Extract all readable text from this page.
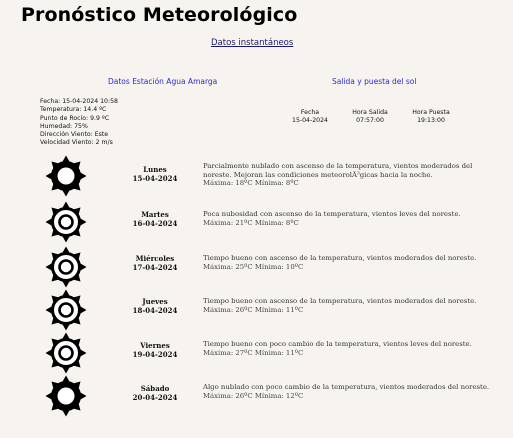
Pronóstico Meteorológico
Datos instantáneos
Datos Estación Agua Amarga	Salida y puesta del sol
Fecha: 15-04-2024 10:58
Temperatura: 14.4 ºC
Punto de Rocío: 9.9 ºC
Humedad: 75%
Dirección Viento: Este
Velocidad Viento: 2 m/s
Fecha
15-04-2024
Hora Salida
07:57:00
Hora Puesta
19:13:00
Lunes
15-04-2024
Parcialmente nublado con ascenso de la temperatura, vientos moderados del noreste. Mejoran las condiciones meteorolÃ³gicas hacia la noche.
Máxima: 18ºC Mínima: 8ºC
Martes
16-04-2024
Poca nubosidad con ascenso de la temperatura, vientos leves del noreste.
Máxima: 21ºC Mínima: 8ºC
Miércoles
17-04-2024
Tiempo bueno con ascenso de la temperatura, vientos moderados del noreste.
Máxima: 25ºC Mínima: 10ºC
Jueves
18-04-2024
Tiempo bueno con ascenso de la temperatura, vientos moderados del noreste.
Máxima: 26ºC Mínima: 11ºC
Viernes
19-04-2024
Tiempo bueno con poco cambio de la temperatura, vientos leves del noreste.
Máxima: 27ºC Mínima: 11ºC
Sábado
20-04-2024
Algo nublado con poco cambio de la temperatura, vientos moderados del noreste.
Máxima: 26ºC Mínima: 12ºC
